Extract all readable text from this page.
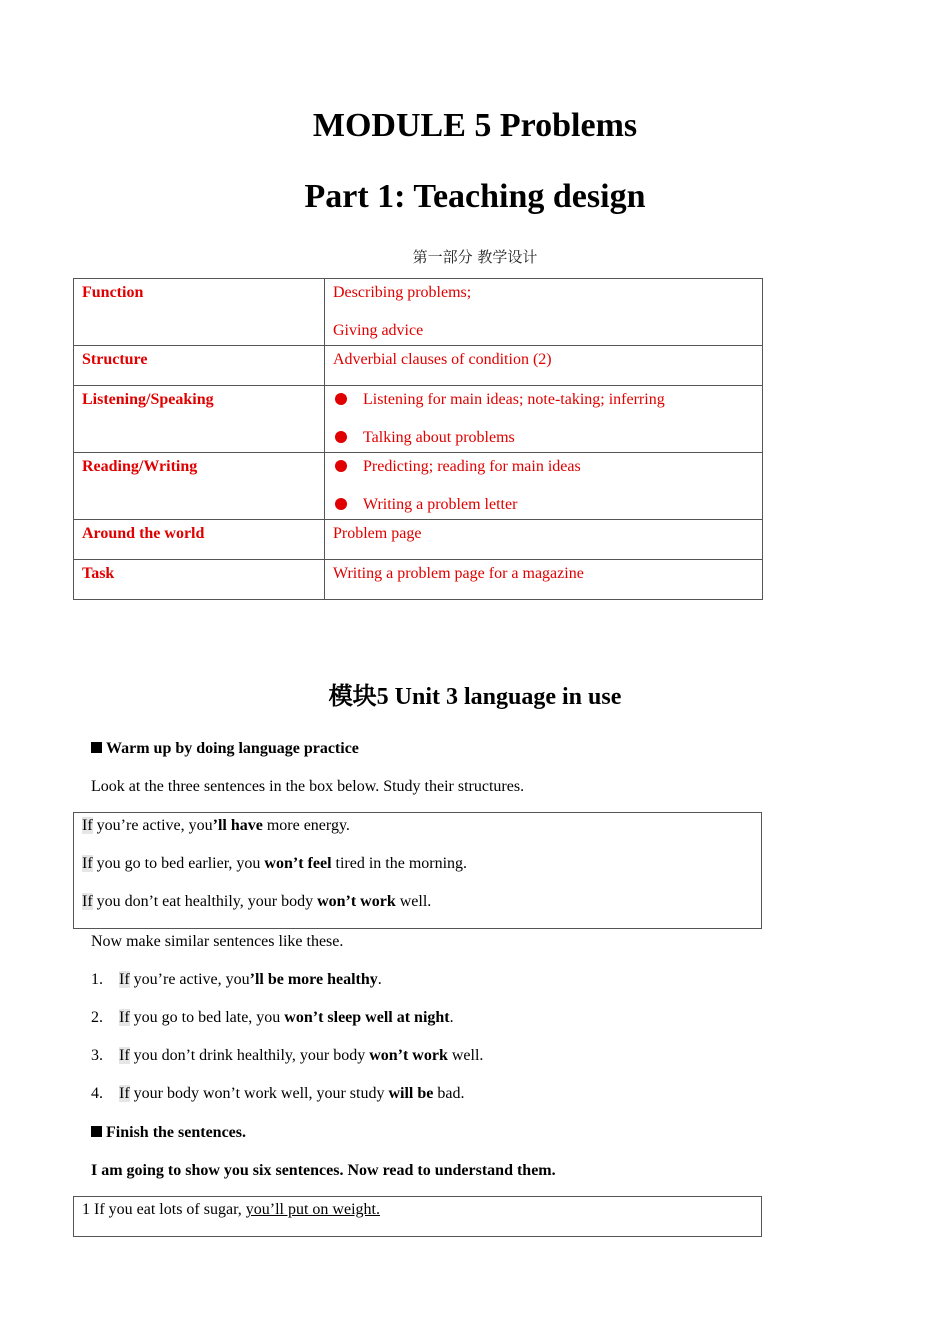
MODULE 5 Problems
Part 1: Teaching design
第一部分 教学设计
Function	Describing problems;

Giving advice

Structure	Adverbial clauses of condition (2)

Listening/Speaking	Listening for main ideas; note-taking; inferring

Talking about problems

Reading/Writing	Predicting; reading for main ideas

Writing a problem letter

Around the world	Problem page

Task	Writing a problem page for a magazine

模块5 Unit 3 language in use
Warm up by doing language practice
Look at the three sentences in the box below. Study their structures.
If you’re active, you’ll have more energy.
If you go to bed earlier, you won’t feel tired in the morning.
If you don’t eat healthily, your body won’t work well.
Now make similar sentences like these.
1. If you’re active, you’ll be more healthy.
2. If you go to bed late, you won’t sleep well at night.
3. If you don’t drink healthily, your body won’t work well.
4. If your body won’t work well, your study will be bad.
Finish the sentences.
I am going to show you six sentences. Now read to understand them.
1 If you eat lots of sugar, you’ll put on weight.
